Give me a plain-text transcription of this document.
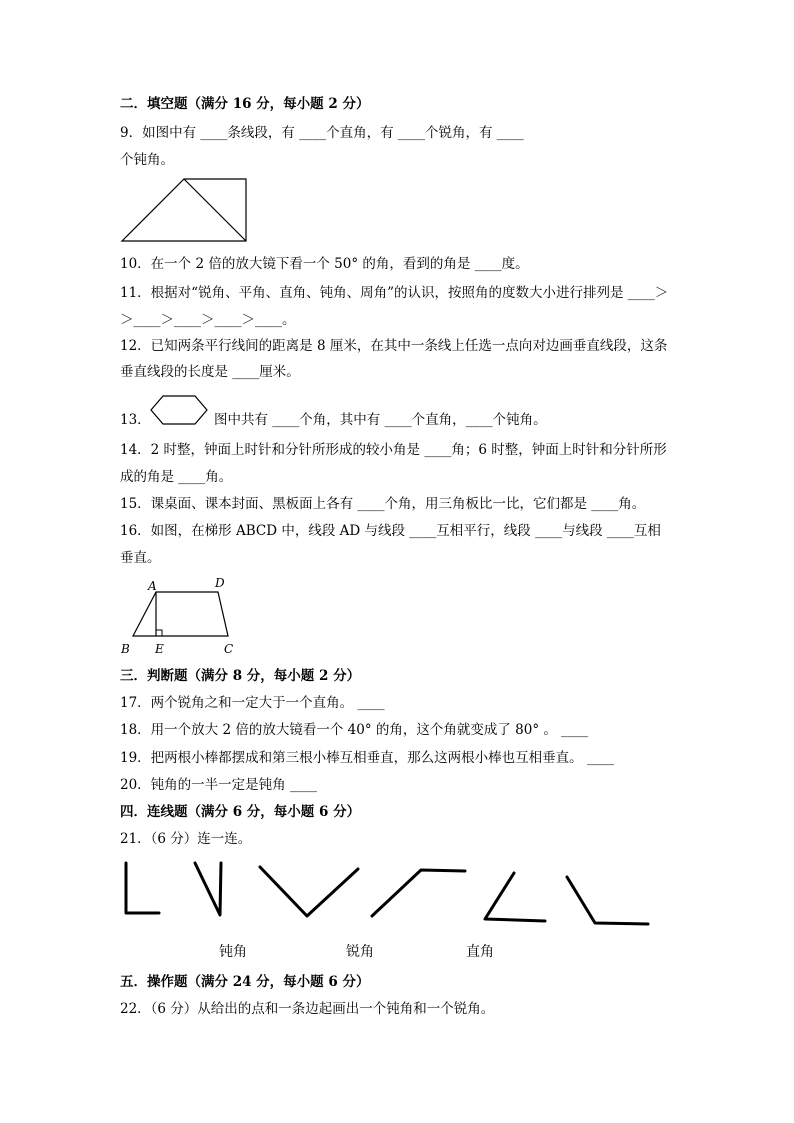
二．填空题（满分 16 分，每小题 2 分）
9．如图中有 ____条线段，有 ____个直角，有 ____个锐角，有 ____
个钝角。
10．在一个 2 倍的放大镜下看一个 50° 的角，看到的角是 ____度。
11．根据对“锐角、平角、直角、钝角、周角”的认识，按照角的度数大小进行排列是 ____＞
＞____＞____＞____＞____。
12．已知两条平行线间的距离是 8 厘米，在其中一条线上任选一点向对边画垂直线段，这条
垂直线段的长度是 ____厘米。
13．	图中共有 ____个角，其中有 ____个直角，____个钝角。
14．2 时整，钟面上时针和分针所形成的较小角是 ____角；6 时整，钟面上时针和分针所形
成的角是 ____角。
15．课桌面、课本封面、黑板面上各有 ____个角，用三角板比一比，它们都是 ____角。
16．如图，在梯形 ABCD 中，线段 AD 与线段 ____互相平行，线段 ____与线段 ____互相
垂直。
A	D
B E	C
三．判断题（满分 8 分，每小题 2 分）
17．两个锐角之和一定大于一个直角。 ____
18．用一个放大 2 倍的放大镜看一个 40° 的角，这个角就变成了 80° 。 ____
19．把两根小棒都摆成和第三根小棒互相垂直，那么这两根小棒也互相垂直。 ____
20．钝角的一半一定是钝角 ____
四．连线题（满分 6 分，每小题 6 分）
21．（6 分）连一连。
钝角	锐角	直角
五．操作题（满分 24 分，每小题 6 分）
22．（6 分）从给出的点和一条边起画出一个钝角和一个锐角。
